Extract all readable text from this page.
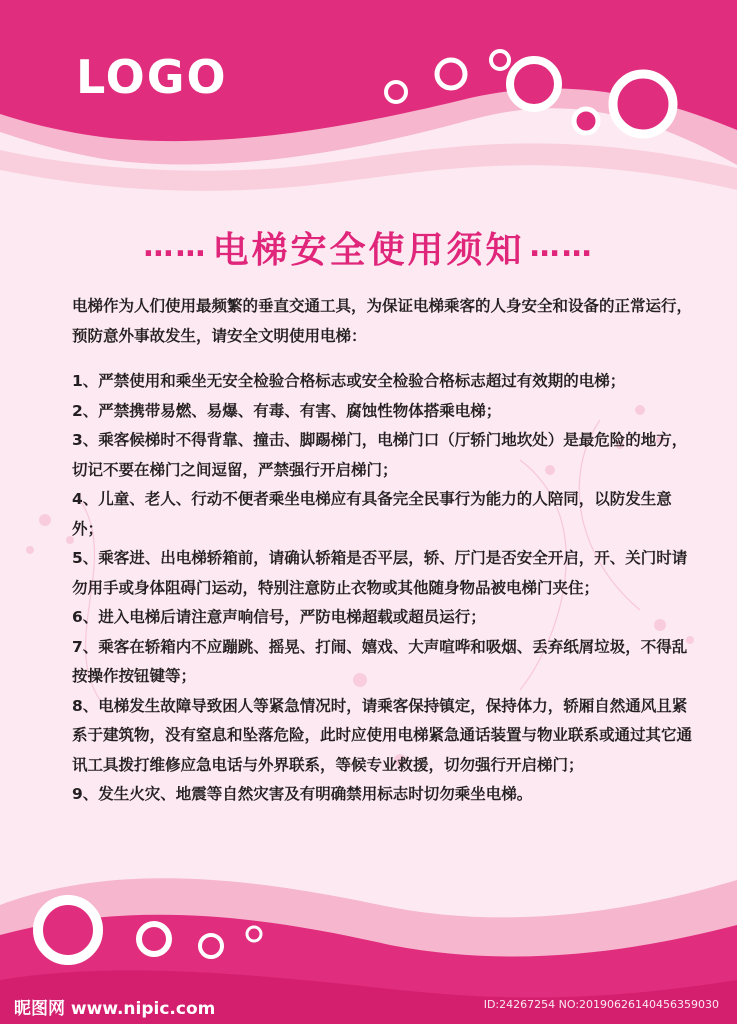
LOGO
…… 电梯安全使用须知 ……

电梯作为人们使用最频繁的垂直交通工具，为保证电梯乘客的人身安全和设备的正常运行，预防意外事故发生，请安全文明使用电梯：

1、严禁使用和乘坐无安全检验合格标志或安全检验合格标志超过有效期的电梯；

2、严禁携带易燃、易爆、有毒、有害、腐蚀性物体搭乘电梯；

3、乘客候梯时不得背靠、撞击、脚踢梯门，电梯门口（厅轿门地坎处）是最危险的地方，切记不要在梯门之间逗留，严禁强行开启梯门；

4、儿童、老人、行动不便者乘坐电梯应有具备完全民事行为能力的人陪同，以防发生意外；

5、乘客进、出电梯轿箱前，请确认轿箱是否平层，轿、厅门是否安全开启，开、关门时请勿用手或身体阻碍门运动，特别注意防止衣物或其他随身物品被电梯门夹住；

6、进入电梯后请注意声响信号，严防电梯超载或超员运行；

7、乘客在轿箱内不应蹦跳、摇晃、打闹、嬉戏、大声喧哗和吸烟、丢弃纸屑垃圾，不得乱按操作按钮键等；

8、电梯发生故障导致困人等紧急情况时，请乘客保持镇定，保持体力，轿厢自然通风且紧系于建筑物，没有窒息和坠落危险，此时应使用电梯紧急通话装置与物业联系或通过其它通讯工具拨打维修应急电话与外界联系，等候专业救援，切勿强行开启梯门；

9、发生火灾、地震等自然灾害及有明确禁用标志时切勿乘坐电梯。

昵图网 www.nipic.com	ID:24267254 NO:20190626140456359030
